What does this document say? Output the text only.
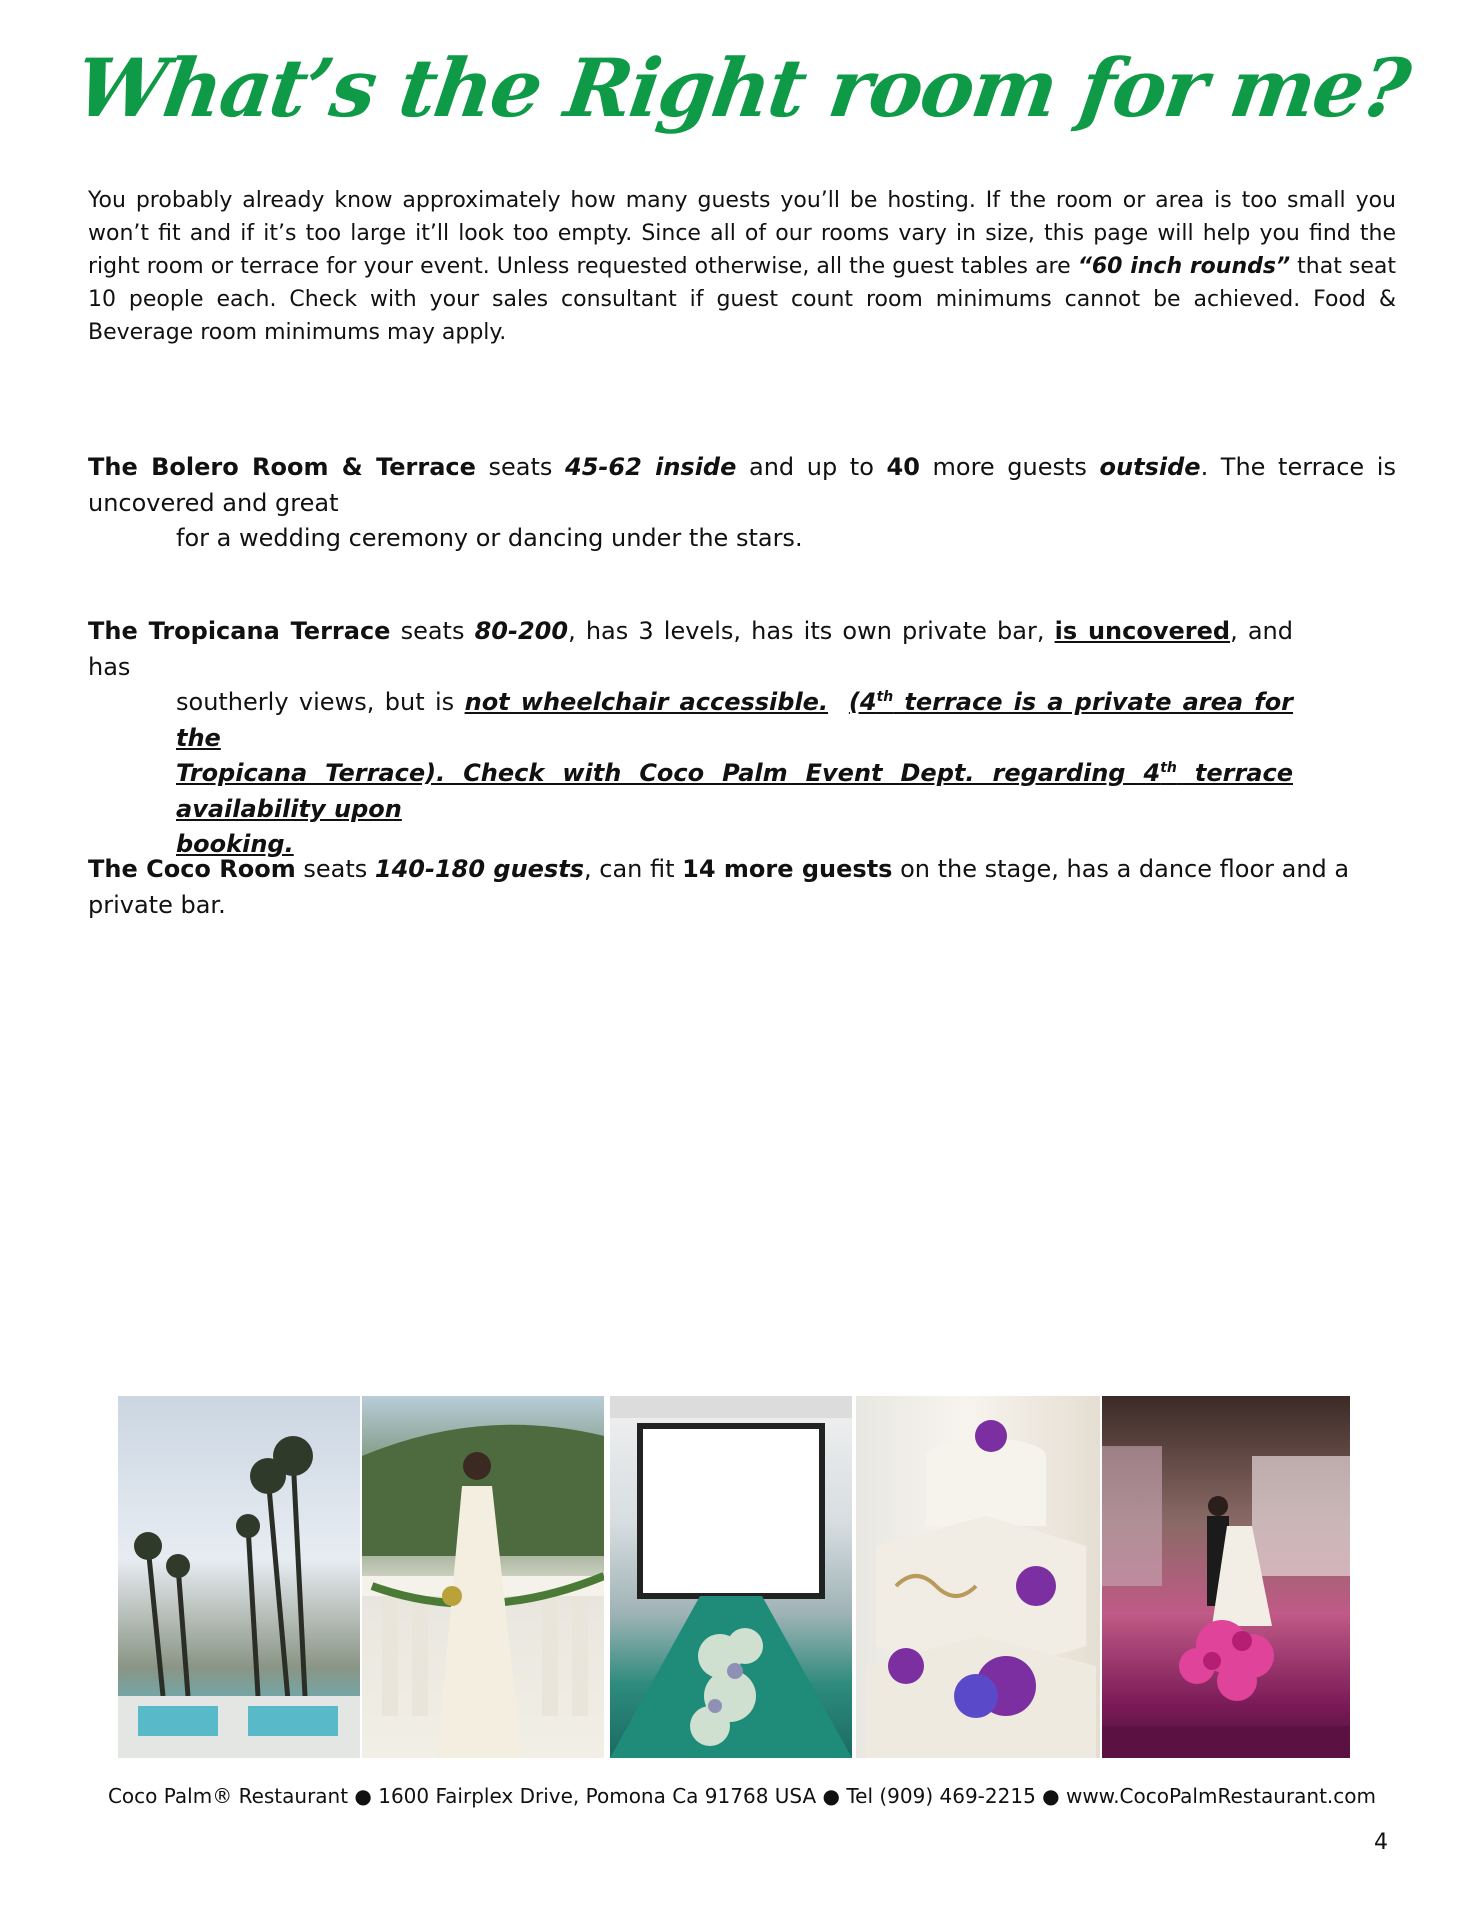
What’s the Right room for me?
You probably already know approximately how many guests you’ll be hosting. If the room or area is too small you won’t fit and if it’s too large it’ll look too empty. Since all of our rooms vary in size, this page will help you find the right room or terrace for your event. Unless requested otherwise, all the guest tables are “60 inch rounds” that seat 10 people each. Check with your sales consultant if guest count room minimums cannot be achieved. Food & Beverage room minimums may apply.
The Bolero Room & Terrace seats 45-62 inside and up to 40 more guests outside. The terrace is uncovered and great
for a wedding ceremony or dancing under the stars.
The Tropicana Terrace seats 80-200, has 3 levels, has its own private bar, is uncovered, and has
southerly views, but is not wheelchair accessible. (4th terrace is a private area for the
Tropicana Terrace). Check with Coco Palm Event Dept. regarding 4th terrace availability upon
booking.
The Coco Room seats 140-180 guests, can fit 14 more guests on the stage, has a dance floor and a private bar.
Coco Palm® Restaurant ● 1600 Fairplex Drive, Pomona Ca 91768 USA ● Tel (909) 469-2215 ● www.CocoPalmRestaurant.com
4
